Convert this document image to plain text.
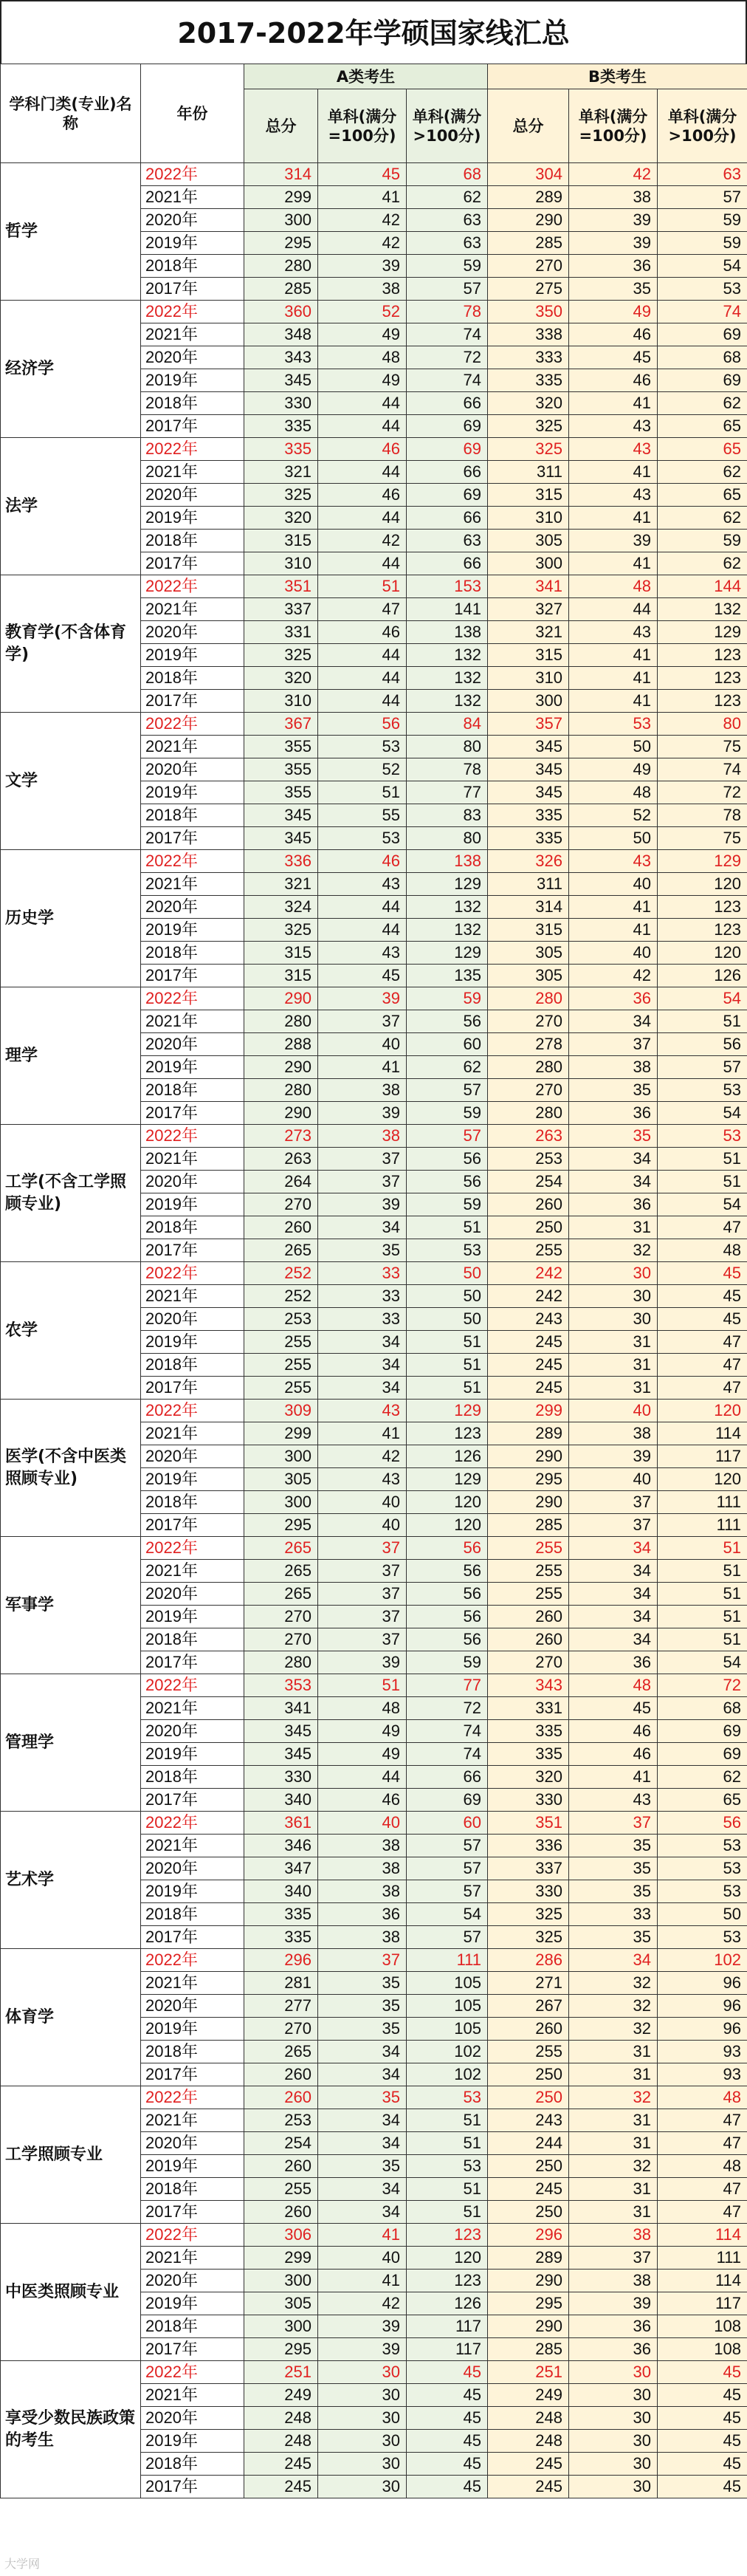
2017-2022年学硕国家线汇总
学科门类(专业)名称	年份	A类考生			B类考生		
		总分	单科(满分=100分)	单科(满分>100分)	总分	单科(满分=100分)	单科(满分>100分)
哲学	2022年	314	45	68	304	42	63
	2021年	299	41	62	289	38	57
	2020年	300	42	63	290	39	59
	2019年	295	42	63	285	39	59
	2018年	280	39	59	270	36	54
	2017年	285	38	57	275	35	53
经济学	2022年	360	52	78	350	49	74
	2021年	348	49	74	338	46	69
	2020年	343	48	72	333	45	68
	2019年	345	49	74	335	46	69
	2018年	330	44	66	320	41	62
	2017年	335	44	69	325	43	65
法学	2022年	335	46	69	325	43	65
	2021年	321	44	66	311	41	62
	2020年	325	46	69	315	43	65
	2019年	320	44	66	310	41	62
	2018年	315	42	63	305	39	59
	2017年	310	44	66	300	41	62
教育学(不含体育学)	2022年	351	51	153	341	48	144
	2021年	337	47	141	327	44	132
	2020年	331	46	138	321	43	129
	2019年	325	44	132	315	41	123
	2018年	320	44	132	310	41	123
	2017年	310	44	132	300	41	123
文学	2022年	367	56	84	357	53	80
	2021年	355	53	80	345	50	75
	2020年	355	52	78	345	49	74
	2019年	355	51	77	345	48	72
	2018年	345	55	83	335	52	78
	2017年	345	53	80	335	50	75
历史学	2022年	336	46	138	326	43	129
	2021年	321	43	129	311	40	120
	2020年	324	44	132	314	41	123
	2019年	325	44	132	315	41	123
	2018年	315	43	129	305	40	120
	2017年	315	45	135	305	42	126
理学	2022年	290	39	59	280	36	54
	2021年	280	37	56	270	34	51
	2020年	288	40	60	278	37	56
	2019年	290	41	62	280	38	57
	2018年	280	38	57	270	35	53
	2017年	290	39	59	280	36	54
工学(不含工学照顾专业)	2022年	273	38	57	263	35	53
	2021年	263	37	56	253	34	51
	2020年	264	37	56	254	34	51
	2019年	270	39	59	260	36	54
	2018年	260	34	51	250	31	47
	2017年	265	35	53	255	32	48
农学	2022年	252	33	50	242	30	45
	2021年	252	33	50	242	30	45
	2020年	253	33	50	243	30	45
	2019年	255	34	51	245	31	47
	2018年	255	34	51	245	31	47
	2017年	255	34	51	245	31	47
医学(不含中医类照顾专业)	2022年	309	43	129	299	40	120
	2021年	299	41	123	289	38	114
	2020年	300	42	126	290	39	117
	2019年	305	43	129	295	40	120
	2018年	300	40	120	290	37	111
	2017年	295	40	120	285	37	111
军事学	2022年	265	37	56	255	34	51
	2021年	265	37	56	255	34	51
	2020年	265	37	56	255	34	51
	2019年	270	37	56	260	34	51
	2018年	270	37	56	260	34	51
	2017年	280	39	59	270	36	54
管理学	2022年	353	51	77	343	48	72
	2021年	341	48	72	331	45	68
	2020年	345	49	74	335	46	69
	2019年	345	49	74	335	46	69
	2018年	330	44	66	320	41	62
	2017年	340	46	69	330	43	65
艺术学	2022年	361	40	60	351	37	56
	2021年	346	38	57	336	35	53
	2020年	347	38	57	337	35	53
	2019年	340	38	57	330	35	53
	2018年	335	36	54	325	33	50
	2017年	335	38	57	325	35	53
体育学	2022年	296	37	111	286	34	102
	2021年	281	35	105	271	32	96
	2020年	277	35	105	267	32	96
	2019年	270	35	105	260	32	96
	2018年	265	34	102	255	31	93
	2017年	260	34	102	250	31	93
工学照顾专业	2022年	260	35	53	250	32	48
	2021年	253	34	51	243	31	47
	2020年	254	34	51	244	31	47
	2019年	260	35	53	250	32	48
	2018年	255	34	51	245	31	47
	2017年	260	34	51	250	31	47
中医类照顾专业	2022年	306	41	123	296	38	114
	2021年	299	40	120	289	37	111
	2020年	300	41	123	290	38	114
	2019年	305	42	126	295	39	117
	2018年	300	39	117	290	36	108
	2017年	295	39	117	285	36	108
享受少数民族政策的考生	2022年	251	30	45	251	30	45
	2021年	249	30	45	249	30	45
	2020年	248	30	45	248	30	45
	2019年	248	30	45	248	30	45
	2018年	245	30	45	245	30	45
	2017年	245	30	45	245	30	45
大学网
